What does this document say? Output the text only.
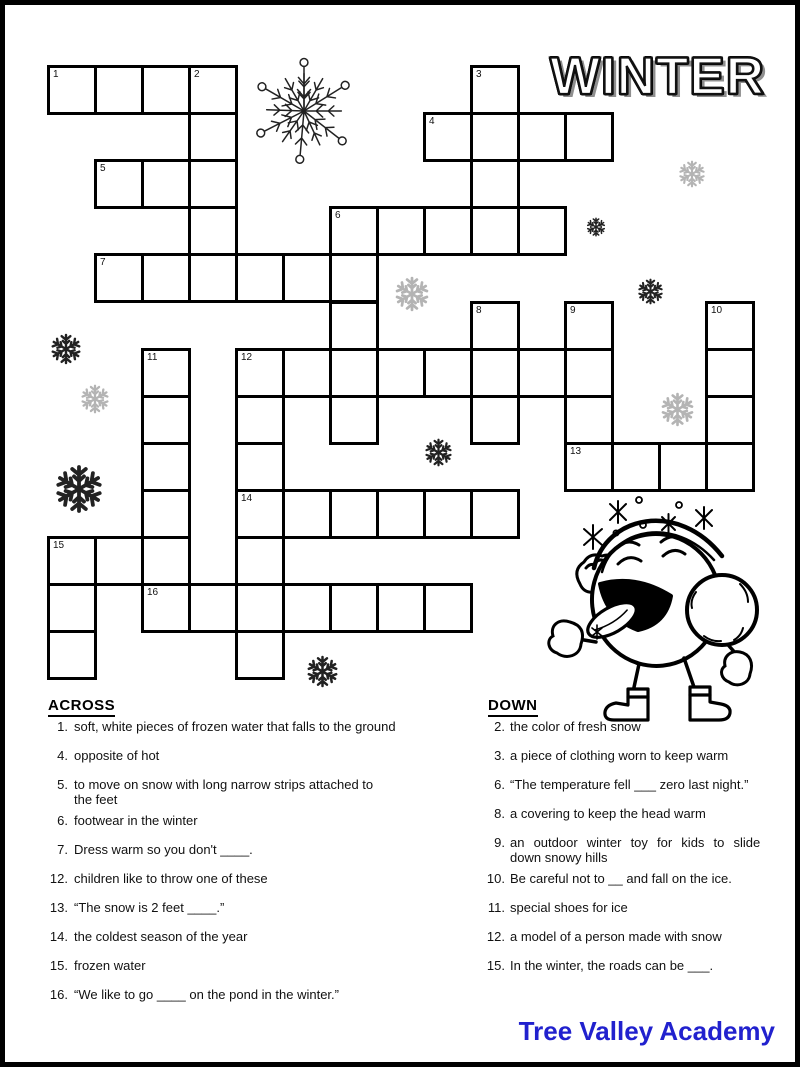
WINTER
1	2	3
4
5
6
7
8	9	10
11	12
13
14
15
16
ACROSS
1. soft, white pieces of frozen water that falls to the ground
4. opposite of hot
5. to move on snow with long narrow strips attached to
the feet
6. footwear in the winter
7. Dress warm so you don't ____.
12. children like to throw one of these
13. “The snow is 2 feet ____.”
14. the coldest season of the year
15. frozen water
16. “We like to go ____ on the pond in the winter.”
DOWN
2. the color of fresh snow
3. a piece of clothing worn to keep warm
6. “The temperature fell ___ zero last night.”
8. a covering to keep the head warm
9. an outdoor winter toy for kids to slide
down snowy hills
10. Be careful not to __ and fall on the ice.
11. special shoes for ice
12. a model of a person made with snow
15. In the winter, the roads can be ___.
Tree Valley Academy
